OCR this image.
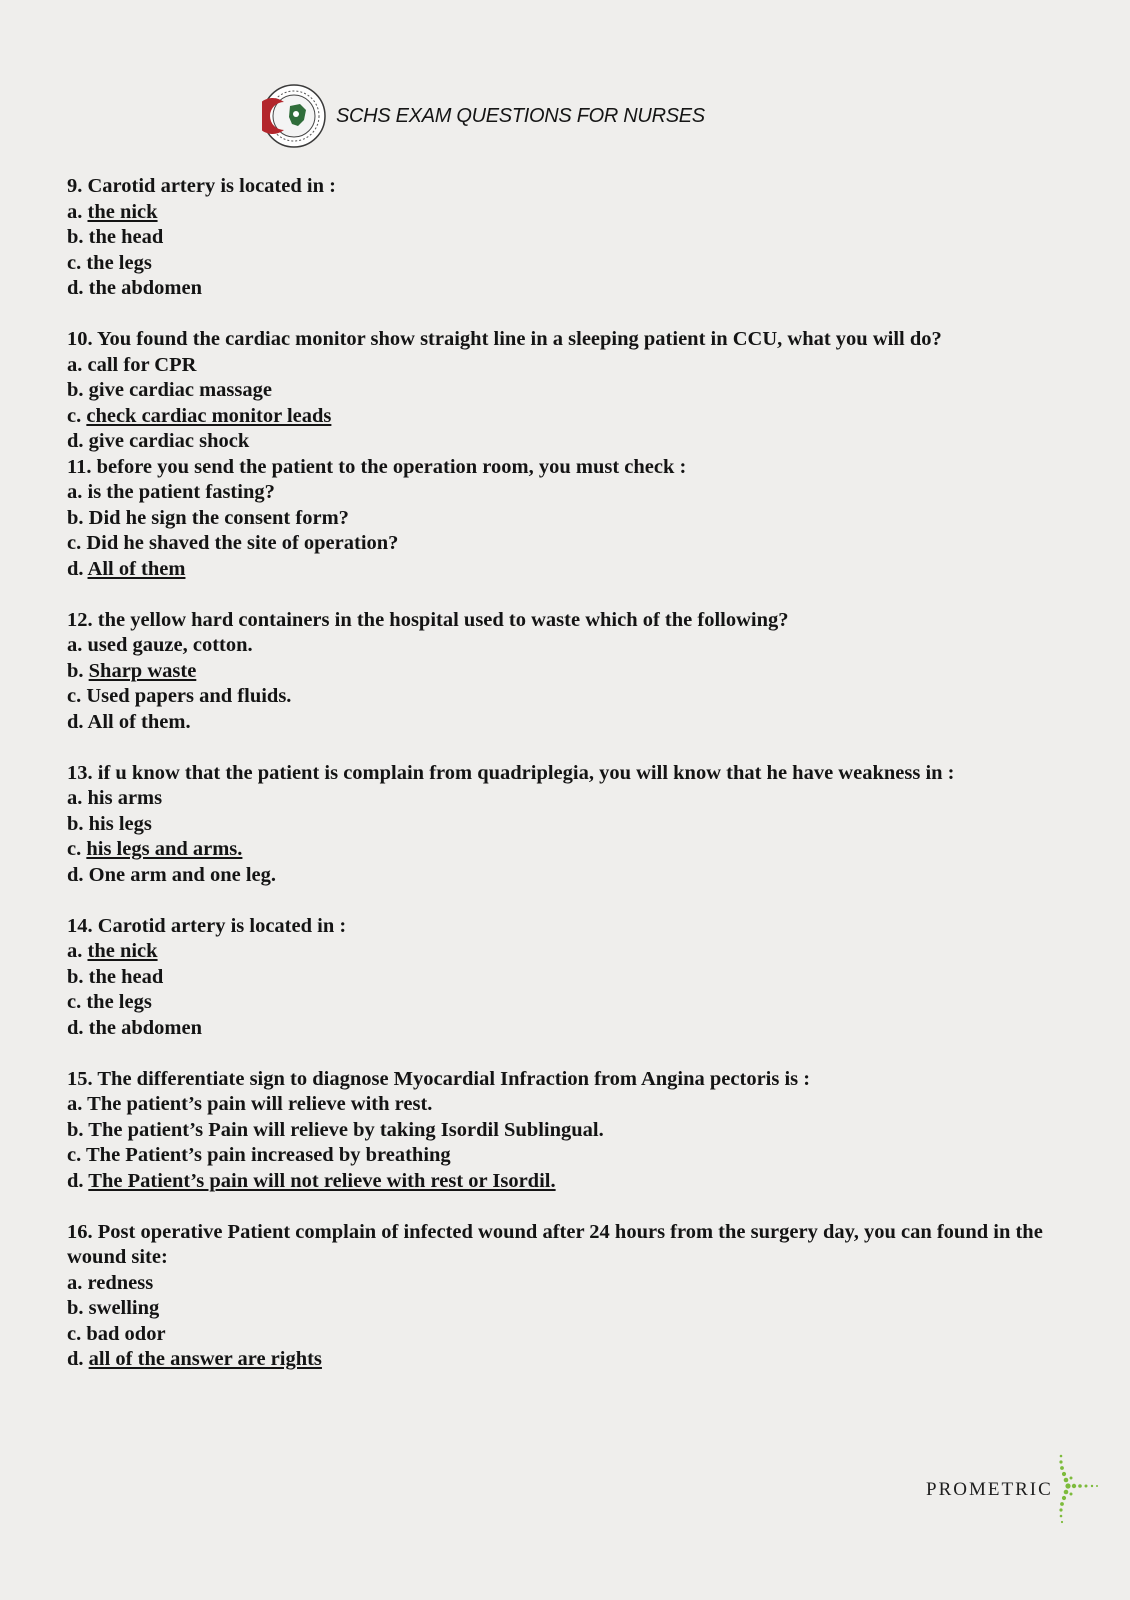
SCHS EXAM QUESTIONS FOR NURSES
9. Carotid artery is located in :
a. the nick
b. the head
c. the legs
d. the abdomen
10. You found the cardiac monitor show straight line in a sleeping patient in CCU, what you will do?
a. call for CPR
b. give cardiac massage
c. check cardiac monitor leads
d. give cardiac shock
11. before you send the patient to the operation room, you must check :
a. is the patient fasting?
b. Did he sign the consent form?
c. Did he shaved the site of operation?
d. All of them
12. the yellow hard containers in the hospital used to waste which of the following?
a. used gauze, cotton.
b. Sharp waste
c. Used papers and fluids.
d. All of them.
13. if u know that the patient is complain from quadriplegia, you will know that he have weakness in :
a. his arms
b. his legs
c. his legs and arms.
d. One arm and one leg.
14. Carotid artery is located in :
a. the nick
b. the head
c. the legs
d. the abdomen
15. The differentiate sign to diagnose Myocardial Infraction from Angina pectoris is :
a. The patient’s pain will relieve with rest.
b. The patient’s Pain will relieve by taking Isordil Sublingual.
c. The Patient’s pain increased by breathing
d. The Patient’s pain will not relieve with rest or Isordil.
16. Post operative Patient complain of infected wound after 24 hours from the surgery day, you can found in the wound site:
a. redness
b. swelling
c. bad odor
d. all of the answer are rights
PROMETRIC
